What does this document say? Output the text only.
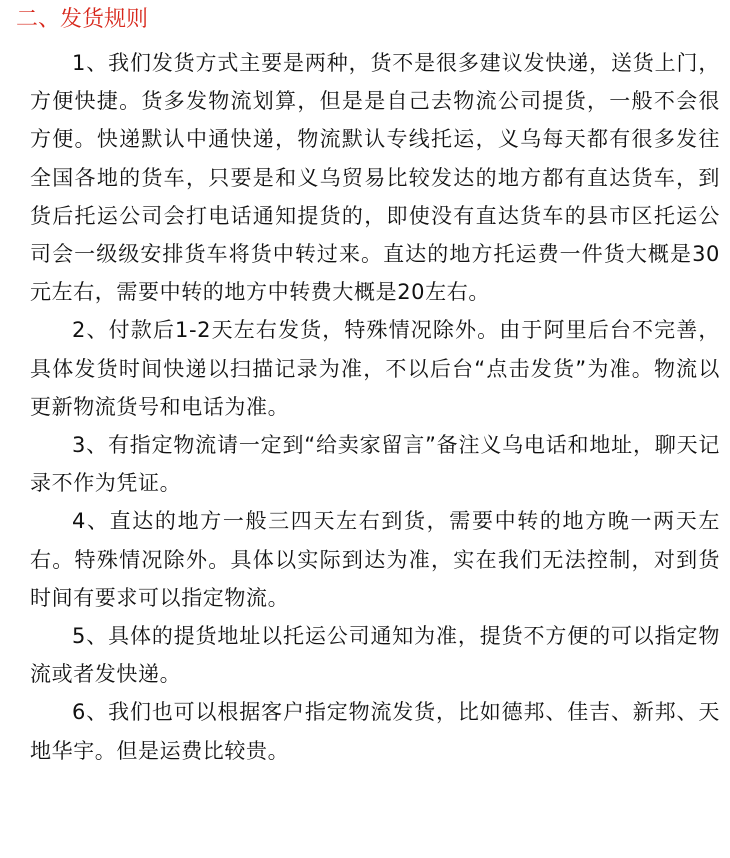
二、发货规则

1、我们发货方式主要是两种，货不是很多建议发快递，送货上门，方便快捷。货多发物流划算，但是是自己去物流公司提货，一般不会很方便。快递默认中通快递，物流默认专线托运，义乌每天都有很多发往全国各地的货车，只要是和义乌贸易比较发达的地方都有直达货车，到货后托运公司会打电话通知提货的，即使没有直达货车的县市区托运公司会一级级安排货车将货中转过来。直达的地方托运费一件货大概是30元左右，需要中转的地方中转费大概是20左右。

2、付款后1-2天左右发货，特殊情况除外。由于阿里后台不完善，具体发货时间快递以扫描记录为准，不以后台“点击发货”为准。物流以更新物流货号和电话为准。

3、有指定物流请一定到“给卖家留言”备注义乌电话和地址，聊天记录不作为凭证。

4、直达的地方一般三四天左右到货，需要中转的地方晚一两天左右。特殊情况除外。具体以实际到达为准，实在我们无法控制，对到货时间有要求可以指定物流。

5、具体的提货地址以托运公司通知为准，提货不方便的可以指定物流或者发快递。

6、我们也可以根据客户指定物流发货，比如德邦、佳吉、新邦、天地华宇。但是运费比较贵。
